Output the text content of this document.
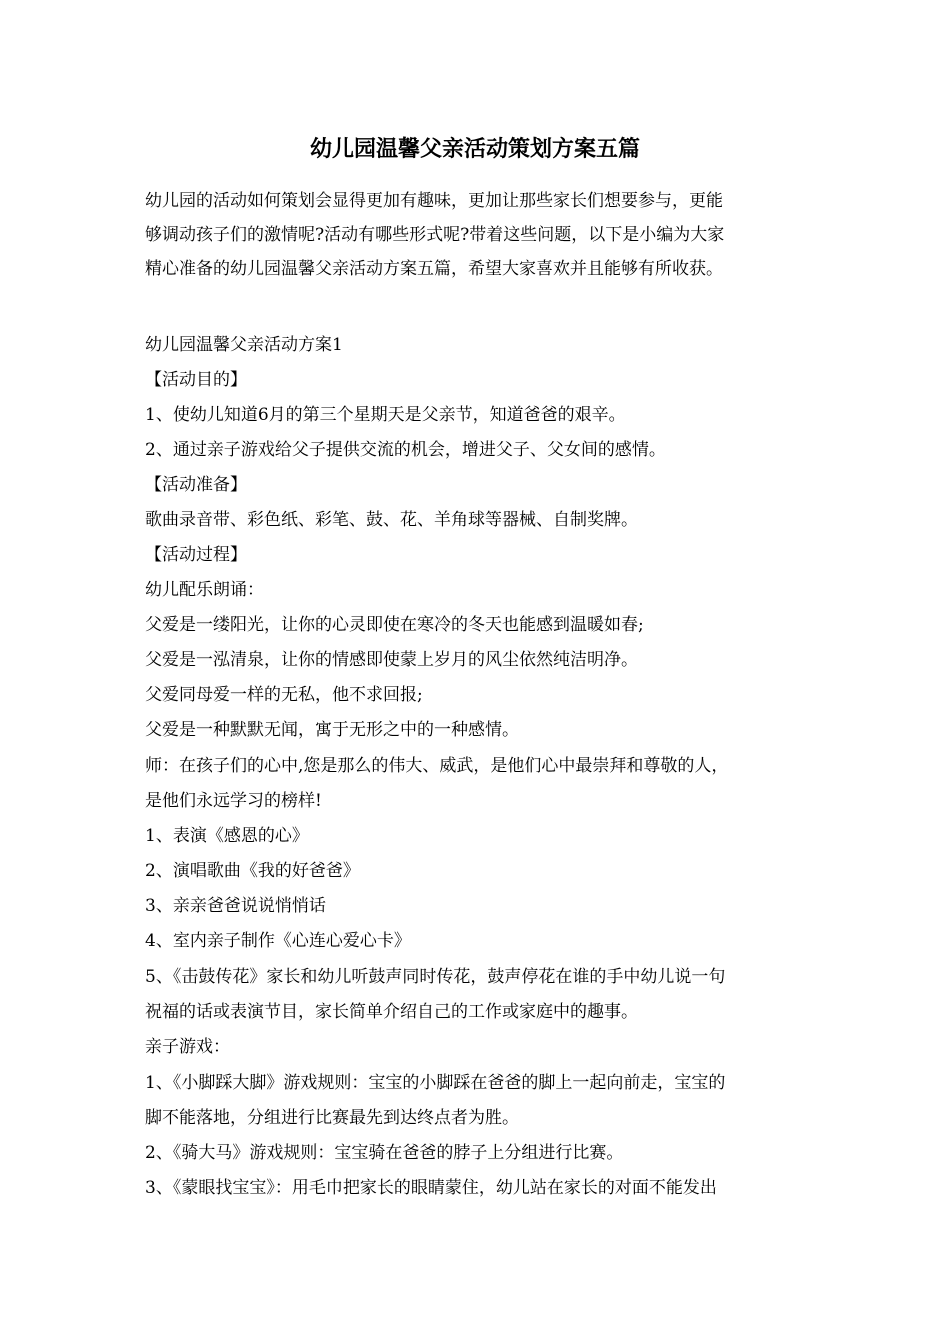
幼儿园温馨父亲活动策划方案五篇
幼儿园的活动如何策划会显得更加有趣味，更加让那些家长们想要参与，更能
够调动孩子们的激情呢?活动有哪些形式呢?带着这些问题，以下是小编为大家
精心准备的幼儿园温馨父亲活动方案五篇，希望大家喜欢并且能够有所收获。
幼儿园温馨父亲活动方案1
【活动目的】
1、使幼儿知道6月的第三个星期天是父亲节，知道爸爸的艰辛。
2、通过亲子游戏给父子提供交流的机会，增进父子、父女间的感情。
【活动准备】
歌曲录音带、彩色纸、彩笔、鼓、花、羊角球等器械、自制奖牌。
【活动过程】
幼儿配乐朗诵：
父爱是一缕阳光，让你的心灵即使在寒冷的冬天也能感到温暖如春;
父爱是一泓清泉，让你的情感即使蒙上岁月的风尘依然纯洁明净。
父爱同母爱一样的无私，他不求回报;
父爱是一种默默无闻，寓于无形之中的一种感情。
师：在孩子们的心中,您是那么的伟大、威武，是他们心中最崇拜和尊敬的人，
是他们永远学习的榜样!
1、表演《感恩的心》
2、演唱歌曲《我的好爸爸》
3、亲亲爸爸说说悄悄话
4、室内亲子制作《心连心爱心卡》
5、《击鼓传花》家长和幼儿听鼓声同时传花，鼓声停花在谁的手中幼儿说一句
祝福的话或表演节目，家长简单介绍自己的工作或家庭中的趣事。
亲子游戏：
1、《小脚踩大脚》游戏规则：宝宝的小脚踩在爸爸的脚上一起向前走，宝宝的
脚不能落地，分组进行比赛最先到达终点者为胜。
2、《骑大马》游戏规则：宝宝骑在爸爸的脖子上分组进行比赛。
3、《蒙眼找宝宝》：用毛巾把家长的眼睛蒙住，幼儿站在家长的对面不能发出
